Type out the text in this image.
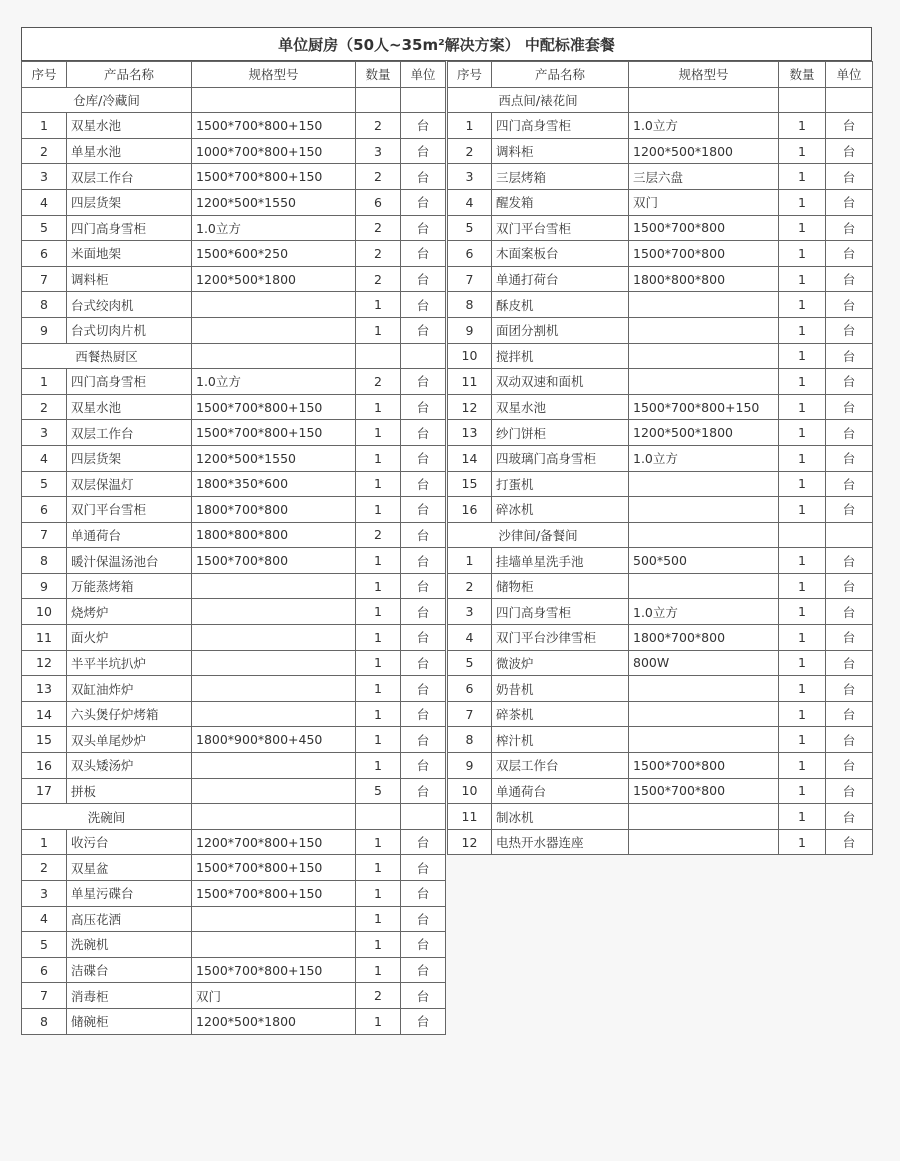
单位厨房（50人~35m²解决方案） 中配标准套餐
序号	产品名称	规格型号	数量	单位
仓库/冷藏间				
1	双星水池	1500*700*800+150	2	台
2	单星水池	1000*700*800+150	3	台
3	双层工作台	1500*700*800+150	2	台
4	四层货架	1200*500*1550	6	台
5	四门高身雪柜	1.0立方	2	台
6	米面地架	1500*600*250	2	台
7	调料柜	1200*500*1800	2	台
8	台式绞肉机		1	台
9	台式切肉片机		1	台
西餐热厨区				
1	四门高身雪柜	1.0立方	2	台
2	双星水池	1500*700*800+150	1	台
3	双层工作台	1500*700*800+150	1	台
4	四层货架	1200*500*1550	1	台
5	双层保温灯	1800*350*600	1	台
6	双门平台雪柜	1800*700*800	1	台
7	单通荷台	1800*800*800	2	台
8	暖汁保温汤池台	1500*700*800	1	台
9	万能蒸烤箱		1	台
10	烧烤炉		1	台
11	面火炉		1	台
12	半平半坑扒炉		1	台
13	双缸油炸炉		1	台
14	六头煲仔炉烤箱		1	台
15	双头单尾炒炉	1800*900*800+450	1	台
16	双头矮汤炉		1	台
17	拼板		5	台
洗碗间				
1	收污台	1200*700*800+150	1	台
2	双星盆	1500*700*800+150	1	台
3	单星污碟台	1500*700*800+150	1	台
4	高压花洒		1	台
5	洗碗机		1	台
6	洁碟台	1500*700*800+150	1	台
7	消毒柜	双门	2	台
8	储碗柜	1200*500*1800	1	台
序号	产品名称	规格型号	数量	单位
西点间/裱花间				
1	四门高身雪柜	1.0立方	1	台
2	调料柜	1200*500*1800	1	台
3	三层烤箱	三层六盘	1	台
4	醒发箱	双门	1	台
5	双门平台雪柜	1500*700*800	1	台
6	木面案板台	1500*700*800	1	台
7	单通打荷台	1800*800*800	1	台
8	酥皮机		1	台
9	面团分割机		1	台
10	搅拌机		1	台
11	双动双速和面机		1	台
12	双星水池	1500*700*800+150	1	台
13	纱门饼柜	1200*500*1800	1	台
14	四玻璃门高身雪柜	1.0立方	1	台
15	打蛋机		1	台
16	碎冰机		1	台
沙律间/备餐间				
1	挂墙单星洗手池	500*500	1	台
2	储物柜		1	台
3	四门高身雪柜	1.0立方	1	台
4	双门平台沙律雪柜	1800*700*800	1	台
5	微波炉	800W	1	台
6	奶昔机		1	台
7	碎茶机		1	台
8	榨汁机		1	台
9	双层工作台	1500*700*800	1	台
10	单通荷台	1500*700*800	1	台
11	制冰机		1	台
12	电热开水器连座		1	台
